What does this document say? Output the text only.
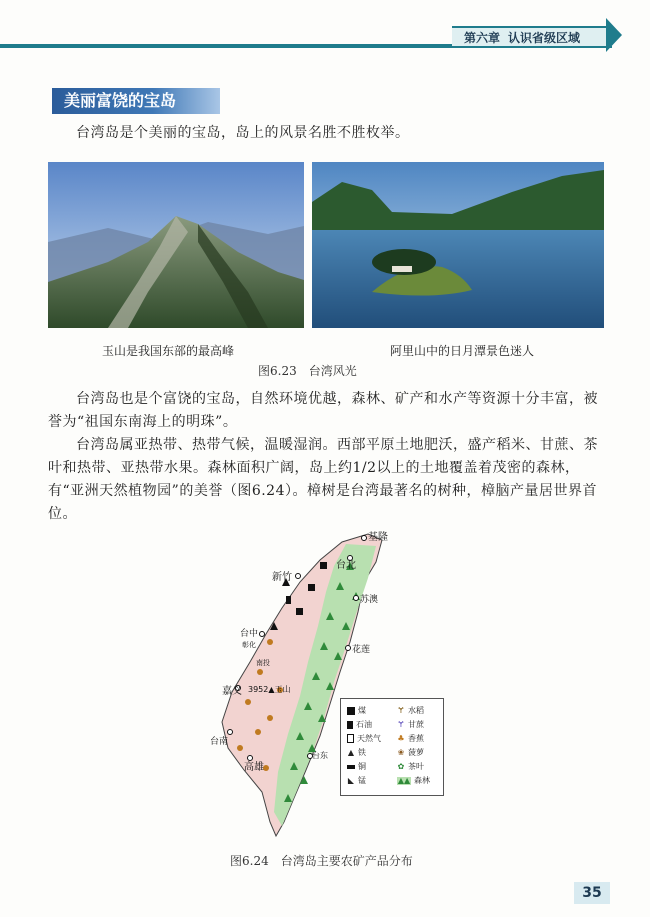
第六章 认识省级区域
美丽富饶的宝岛
台湾岛是个美丽的宝岛，岛上的风景名胜不胜枚举。
玉山是我国东部的最高峰	阿里山中的日月潭景色迷人
图6.23　台湾风光
台湾岛也是个富饶的宝岛，自然环境优越，森林、矿产和水产等资源十分丰富，被誉为“祖国东南海上的明珠”。
台湾岛属亚热带、热带气候，温暖湿润。西部平原土地肥沃，盛产稻米、甘蔗、茶叶和热带、亚热带水果。森林面积广阔，岛上约1/2以上的土地覆盖着茂密的森林，有“亚洲天然植物园”的美誉（图6.24）。樟树是台湾最著名的树种，樟脑产量居世界首位。
基隆
台北
新竹
苏澳
台中
彰化
南投
花莲
3952▲玉山
嘉义
台南
高雄
台东
煤
石油
天然气
▲ 铁
铜
◣ 锰
Ɏ 水稻
Ɏ 甘蔗
♣ 香蕉
❀ 菠萝
✿ 茶叶
▲▲ 森林
图6.24　台湾岛主要农矿产品分布
35
